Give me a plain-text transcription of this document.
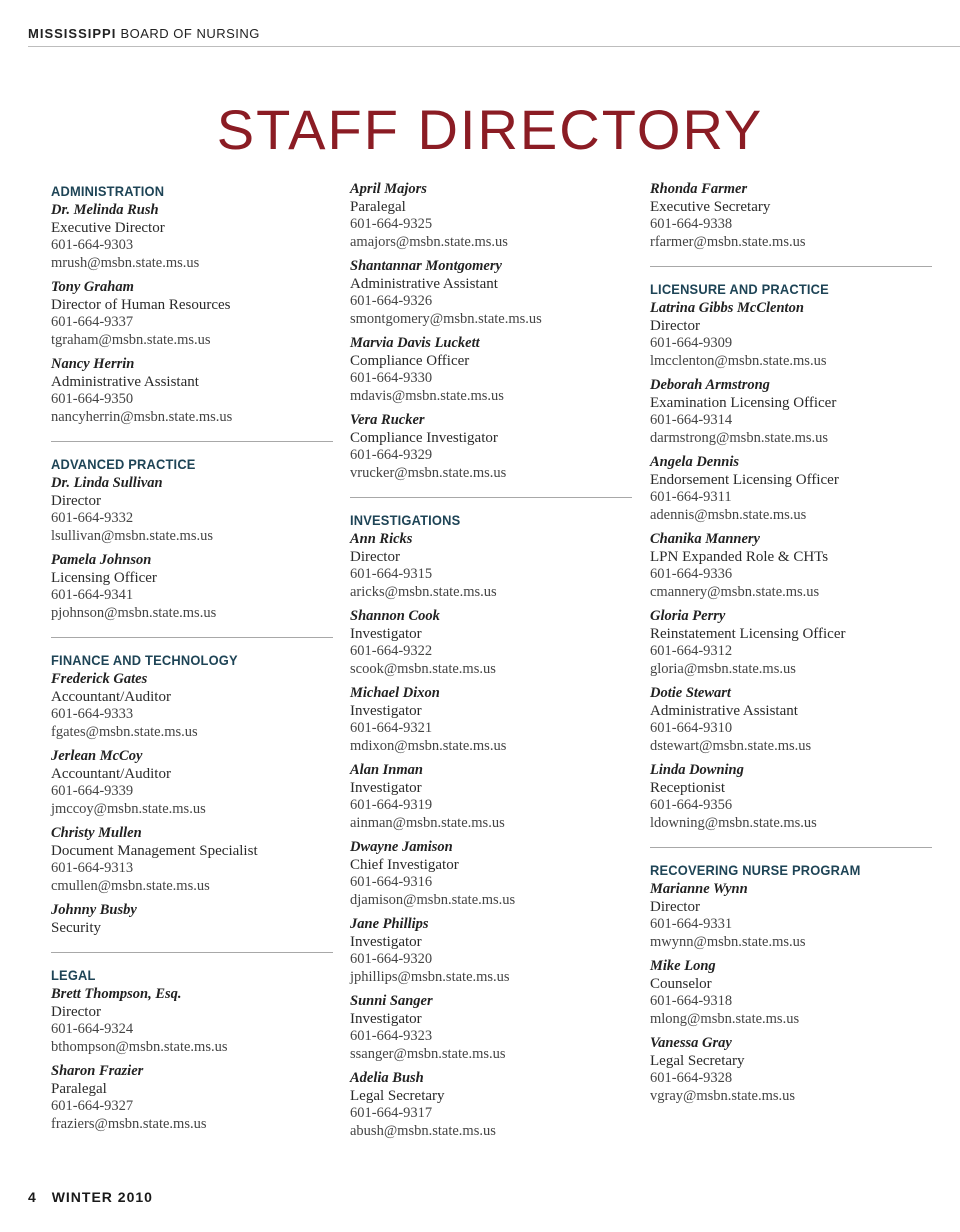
MISSISSIPPI BOARD OF NURSING
STAFF DIRECTORY
ADMINISTRATION
Dr. Melinda Rush
Executive Director
601-664-9303
mrush@msbn.state.ms.us
Tony Graham
Director of Human Resources
601-664-9337
tgraham@msbn.state.ms.us
Nancy Herrin
Administrative Assistant
601-664-9350
nancyherrin@msbn.state.ms.us
ADVANCED PRACTICE
Dr. Linda Sullivan
Director
601-664-9332
lsullivan@msbn.state.ms.us
Pamela Johnson
Licensing Officer
601-664-9341
pjohnson@msbn.state.ms.us
FINANCE AND TECHNOLOGY
Frederick Gates
Accountant/Auditor
601-664-9333
fgates@msbn.state.ms.us
Jerlean McCoy
Accountant/Auditor
601-664-9339
jmccoy@msbn.state.ms.us
Christy Mullen
Document Management Specialist
601-664-9313
cmullen@msbn.state.ms.us
Johnny Busby
Security
LEGAL
Brett Thompson, Esq.
Director
601-664-9324
bthompson@msbn.state.ms.us
Sharon Frazier
Paralegal
601-664-9327
fraziers@msbn.state.ms.us
April Majors
Paralegal
601-664-9325
amajors@msbn.state.ms.us
Shantannar Montgomery
Administrative Assistant
601-664-9326
smontgomery@msbn.state.ms.us
Marvia Davis Luckett
Compliance Officer
601-664-9330
mdavis@msbn.state.ms.us
Vera Rucker
Compliance Investigator
601-664-9329
vrucker@msbn.state.ms.us
INVESTIGATIONS
Ann Ricks
Director
601-664-9315
aricks@msbn.state.ms.us
Shannon Cook
Investigator
601-664-9322
scook@msbn.state.ms.us
Michael Dixon
Investigator
601-664-9321
mdixon@msbn.state.ms.us
Alan Inman
Investigator
601-664-9319
ainman@msbn.state.ms.us
Dwayne Jamison
Chief Investigator
601-664-9316
djamison@msbn.state.ms.us
Jane Phillips
Investigator
601-664-9320
jphillips@msbn.state.ms.us
Sunni Sanger
Investigator
601-664-9323
ssanger@msbn.state.ms.us
Adelia Bush
Legal Secretary
601-664-9317
abush@msbn.state.ms.us
Rhonda Farmer
Executive Secretary
601-664-9338
rfarmer@msbn.state.ms.us
LICENSURE AND PRACTICE
Latrina Gibbs McClenton
Director
601-664-9309
lmcclenton@msbn.state.ms.us
Deborah Armstrong
Examination Licensing Officer
601-664-9314
darmstrong@msbn.state.ms.us
Angela Dennis
Endorsement Licensing Officer
601-664-9311
adennis@msbn.state.ms.us
Chanika Mannery
LPN Expanded Role & CHTs
601-664-9336
cmannery@msbn.state.ms.us
Gloria Perry
Reinstatement Licensing Officer
601-664-9312
gloria@msbn.state.ms.us
Dotie Stewart
Administrative Assistant
601-664-9310
dstewart@msbn.state.ms.us
Linda Downing
Receptionist
601-664-9356
ldowning@msbn.state.ms.us
RECOVERING NURSE PROGRAM
Marianne Wynn
Director
601-664-9331
mwynn@msbn.state.ms.us
Mike Long
Counselor
601-664-9318
mlong@msbn.state.ms.us
Vanessa Gray
Legal Secretary
601-664-9328
vgray@msbn.state.ms.us
4 WINTER 2010
